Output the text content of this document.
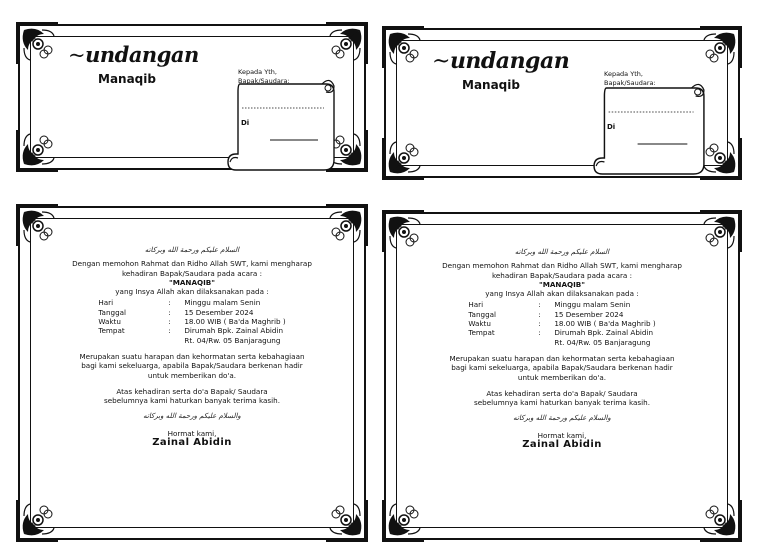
~undangan
Manaqib	Kepada Yth,
Bapak/Saudara:
Di
~undangan
Manaqib
Kepada Yth,
Bapak/Saudara:
Di
السلام عليكم ورحمة الله وبركاته
Dengan memohon Rahmat dan Ridho Allah SWT, kami mengharap
kehadiran Bapak/Saudara pada acara :
"MANAQIB"
yang Insya Allah akan dilaksanakan pada :
Hari	:	Minggu malam Senin
Tanggal	:	15 Desember 2024
Waktu	:	18.00 WIB ( Ba'da Maghrib )
Tempat	:	Dirumah Bpk. Zainal Abidin
		Rt. 04/Rw. 05 Banjaragung
Merupakan suatu harapan dan kehormatan serta kebahagiaan
bagi kami sekeluarga, apabila Bapak/Saudara berkenan hadir
untuk memberikan do'a.
Atas kehadiran serta do'a Bapak/ Saudara
sebelumnya kami haturkan banyak terima kasih.
والسلام عليكم ورحمة الله وبركاته
Hormat kami,
Zainal Abidin
السلام عليكم ورحمة الله وبركاته
Dengan memohon Rahmat dan Ridho Allah SWT, kami mengharap
kehadiran Bapak/Saudara pada acara :
"MANAQIB"
yang Insya Allah akan dilaksanakan pada :
Hari	:	Minggu malam Senin
Tanggal	:	15 Desember 2024
Waktu	:	18.00 WIB ( Ba'da Maghrib )
Tempat	:	Dirumah Bpk. Zainal Abidin
		Rt. 04/Rw. 05 Banjaragung
Merupakan suatu harapan dan kehormatan serta kebahagiaan
bagi kami sekeluarga, apabila Bapak/Saudara berkenan hadir
untuk memberikan do'a.
Atas kehadiran serta do'a Bapak/ Saudara
sebelumnya kami haturkan banyak terima kasih.
والسلام عليكم ورحمة الله وبركاته
Hormat kami,
Zainal Abidin
